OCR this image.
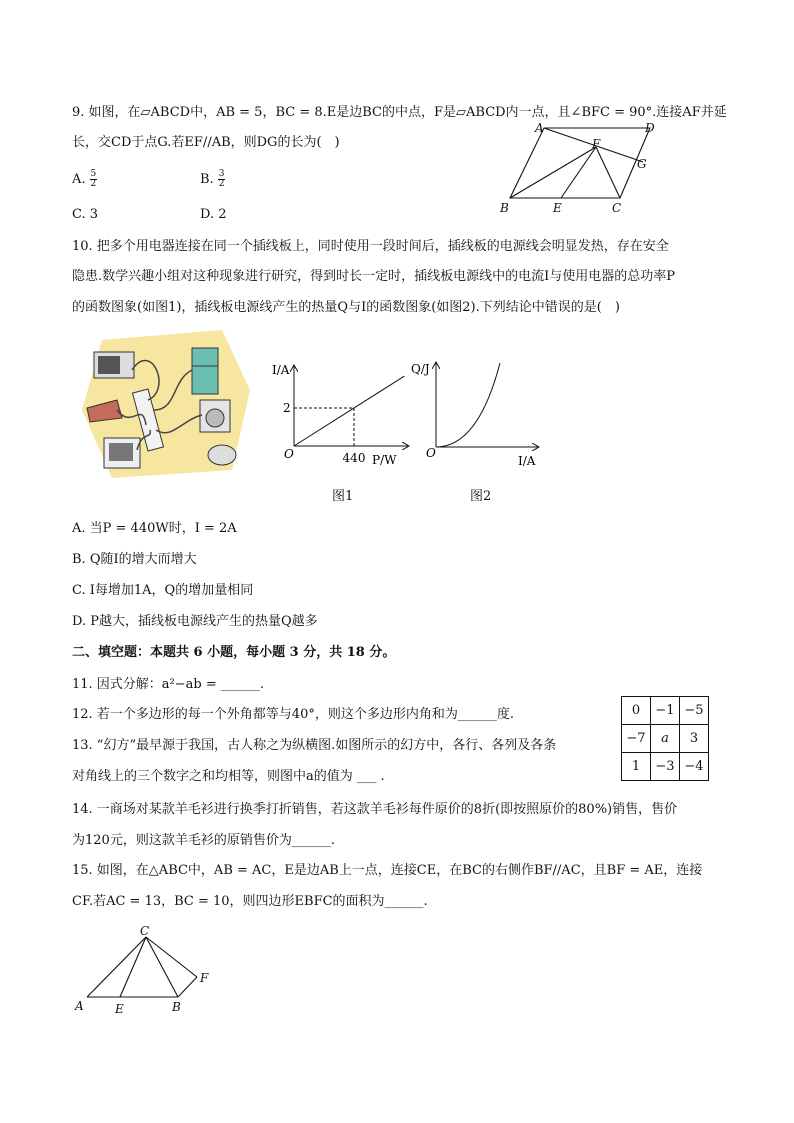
9. 如图，在▱ABCD中，AB = 5，BC = 8.E是边BC的中点，F是▱ABCD内一点，且∠BFC = 90°.连接AF并延
长，交CD于点G.若EF//AB，则DG的长为(　)
A. $\frac{5}{2}$	B. $\frac{3}{2}$
C. 3	D. 2
A	D
F
G
B	E	C
10. 把多个用电器连接在同一个插线板上，同时使用一段时间后，插线板的电源线会明显发热，存在安全
隐患.数学兴趣小组对这种现象进行研究，得到时长一定时，插线板电源线中的电流I与使用电器的总功率P
的函数图象(如图1)，插线板电源线产生的热量Q与I的函数图象(如图2).下列结论中错误的是(　)
I/A
P/W
O
2
440
图1
Q/J
I/A
O
图2
A. 当P = 440W时，I = 2A
B. Q随I的增大而增大
C. I每增加1A，Q的增加量相同
D. P越大，插线板电源线产生的热量Q越多
二、填空题：本题共 6 小题，每小题 3 分，共 18 分。
11. 因式分解：a²−ab = ______.
12. 若一个多边形的每一个外角都等与40°，则这个多边形内角和为______度.
13. “幻方”最早源于我国，古人称之为纵横图.如图所示的幻方中，各行、各列及各条
对角线上的三个数字之和均相等，则图中a的值为 ___ .
0	−1	−5
−7	a	3
1	−3	−4
14. 一商场对某款羊毛衫进行换季打折销售，若这款羊毛衫每件原价的8折(即按照原价的80%)销售，售价
为120元，则这款羊毛衫的原销售价为______.
15. 如图，在△ABC中，AB = AC，E是边AB上一点，连接CE，在BC的右侧作BF//AC，且BF = AE，连接
CF.若AC = 13，BC = 10，则四边形EBFC的面积为______.
C
F
A	E	B
